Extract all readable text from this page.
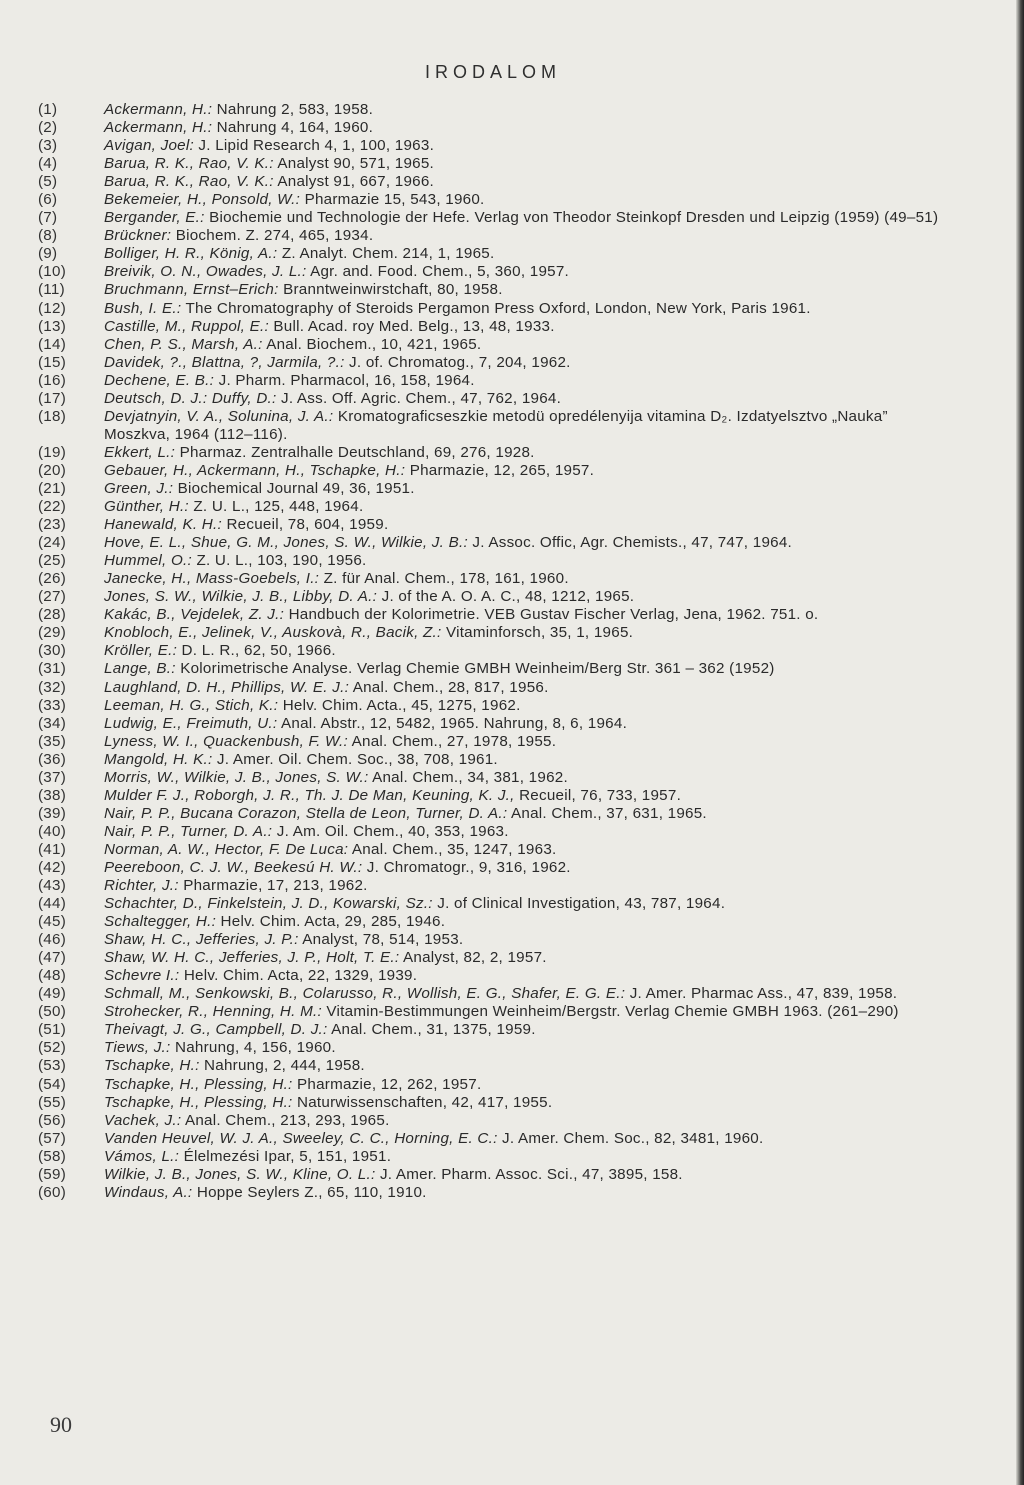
IRODALOM
(1)	Ackermann, H.: Nahrung 2, 583, 1958.
(2)	Ackermann, H.: Nahrung 4, 164, 1960.
(3)	Avigan, Joel: J. Lipid Research 4, 1, 100, 1963.
(4)	Barua, R. K., Rao, V. K.: Analyst 90, 571, 1965.
(5)	Barua, R. K., Rao, V. K.: Analyst 91, 667, 1966.
(6)	Bekemeier, H., Ponsold, W.: Pharmazie 15, 543, 1960.
(7)	Bergander, E.: Biochemie und Technologie der Hefe. Verlag von Theodor Steinkopf Dresden und Leipzig (1959) (49–51)
(8)	Brückner: Biochem. Z. 274, 465, 1934.
(9)	Bolliger, H. R., König, A.: Z. Analyt. Chem. 214, 1, 1965.
(10)	Breivik, O. N., Owades, J. L.: Agr. and. Food. Chem., 5, 360, 1957.
(11)	Bruchmann, Ernst–Erich: Branntweinwirstchaft, 80, 1958.
(12)	Bush, I. E.: The Chromatography of Steroids Pergamon Press Oxford, London, New York, Paris 1961.
(13)	Castille, M., Ruppol, E.: Bull. Acad. roy Med. Belg., 13, 48, 1933.
(14)	Chen, P. S., Marsh, A.: Anal. Biochem., 10, 421, 1965.
(15)	Davidek, ?., Blattna, ?, Jarmila, ?.: J. of. Chromatog., 7, 204, 1962.
(16)	Dechene, E. B.: J. Pharm. Pharmacol, 16, 158, 1964.
(17)	Deutsch, D. J.: Duffy, D.: J. Ass. Off. Agric. Chem., 47, 762, 1964.
(18)	Devjatnyin, V. A., Solunina, J. A.: Kromatograficseszkie metodü opredélenyija vitamina D₂. Izdatyelsztvo „Nauka” Moszkva, 1964 (112–116).
(19)	Ekkert, L.: Pharmaz. Zentralhalle Deutschland, 69, 276, 1928.
(20)	Gebauer, H., Ackermann, H., Tschapke, H.: Pharmazie, 12, 265, 1957.
(21)	Green, J.: Biochemical Journal 49, 36, 1951.
(22)	Günther, H.: Z. U. L., 125, 448, 1964.
(23)	Hanewald, K. H.: Recueil, 78, 604, 1959.
(24)	Hove, E. L., Shue, G. M., Jones, S. W., Wilkie, J. B.: J. Assoc. Offic, Agr. Chemists., 47, 747, 1964.
(25)	Hummel, O.: Z. U. L., 103, 190, 1956.
(26)	Janecke, H., Mass-Goebels, I.: Z. für Anal. Chem., 178, 161, 1960.
(27)	Jones, S. W., Wilkie, J. B., Libby, D. A.: J. of the A. O. A. C., 48, 1212, 1965.
(28)	Kakác, B., Vejdelek, Z. J.: Handbuch der Kolorimetrie. VEB Gustav Fischer Verlag, Jena, 1962. 751. o.
(29)	Knobloch, E., Jelinek, V., Auskovà, R., Bacik, Z.: Vitaminforsch, 35, 1, 1965.
(30)	Kröller, E.: D. L. R., 62, 50, 1966.
(31)	Lange, B.: Kolorimetrische Analyse. Verlag Chemie GMBH Weinheim/Berg Str. 361 – 362 (1952)
(32)	Laughland, D. H., Phillips, W. E. J.: Anal. Chem., 28, 817, 1956.
(33)	Leeman, H. G., Stich, K.: Helv. Chim. Acta., 45, 1275, 1962.
(34)	Ludwig, E., Freimuth, U.: Anal. Abstr., 12, 5482, 1965. Nahrung, 8, 6, 1964.
(35)	Lyness, W. I., Quackenbush, F. W.: Anal. Chem., 27, 1978, 1955.
(36)	Mangold, H. K.: J. Amer. Oil. Chem. Soc., 38, 708, 1961.
(37)	Morris, W., Wilkie, J. B., Jones, S. W.: Anal. Chem., 34, 381, 1962.
(38)	Mulder F. J., Roborgh, J. R., Th. J. De Man, Keuning, K. J., Recueil, 76, 733, 1957.
(39)	Nair, P. P., Bucana Corazon, Stella de Leon, Turner, D. A.: Anal. Chem., 37, 631, 1965.
(40)	Nair, P. P., Turner, D. A.: J. Am. Oil. Chem., 40, 353, 1963.
(41)	Norman, A. W., Hector, F. De Luca: Anal. Chem., 35, 1247, 1963.
(42)	Peereboon, C. J. W., Beekesú H. W.: J. Chromatogr., 9, 316, 1962.
(43)	Richter, J.: Pharmazie, 17, 213, 1962.
(44)	Schachter, D., Finkelstein, J. D., Kowarski, Sz.: J. of Clinical Investigation, 43, 787, 1964.
(45)	Schaltegger, H.: Helv. Chim. Acta, 29, 285, 1946.
(46)	Shaw, H. C., Jefferies, J. P.: Analyst, 78, 514, 1953.
(47)	Shaw, W. H. C., Jefferies, J. P., Holt, T. E.: Analyst, 82, 2, 1957.
(48)	Schevre I.: Helv. Chim. Acta, 22, 1329, 1939.
(49)	Schmall, M., Senkowski, B., Colarusso, R., Wollish, E. G., Shafer, E. G. E.: J. Amer. Pharmac Ass., 47, 839, 1958.
(50)	Strohecker, R., Henning, H. M.: Vitamin-Bestimmungen Weinheim/Bergstr. Verlag Chemie GMBH 1963. (261–290)
(51)	Theivagt, J. G., Campbell, D. J.: Anal. Chem., 31, 1375, 1959.
(52)	Tiews, J.: Nahrung, 4, 156, 1960.
(53)	Tschapke, H.: Nahrung, 2, 444, 1958.
(54)	Tschapke, H., Plessing, H.: Pharmazie, 12, 262, 1957.
(55)	Tschapke, H., Plessing, H.: Naturwissenschaften, 42, 417, 1955.
(56)	Vachek, J.: Anal. Chem., 213, 293, 1965.
(57)	Vanden Heuvel, W. J. A., Sweeley, C. C., Horning, E. C.: J. Amer. Chem. Soc., 82, 3481, 1960.
(58)	Vámos, L.: Élelmezési Ipar, 5, 151, 1951.
(59)	Wilkie, J. B., Jones, S. W., Kline, O. L.: J. Amer. Pharm. Assoc. Sci., 47, 3895, 158.
(60)	Windaus, A.: Hoppe Seylers Z., 65, 110, 1910.
90
